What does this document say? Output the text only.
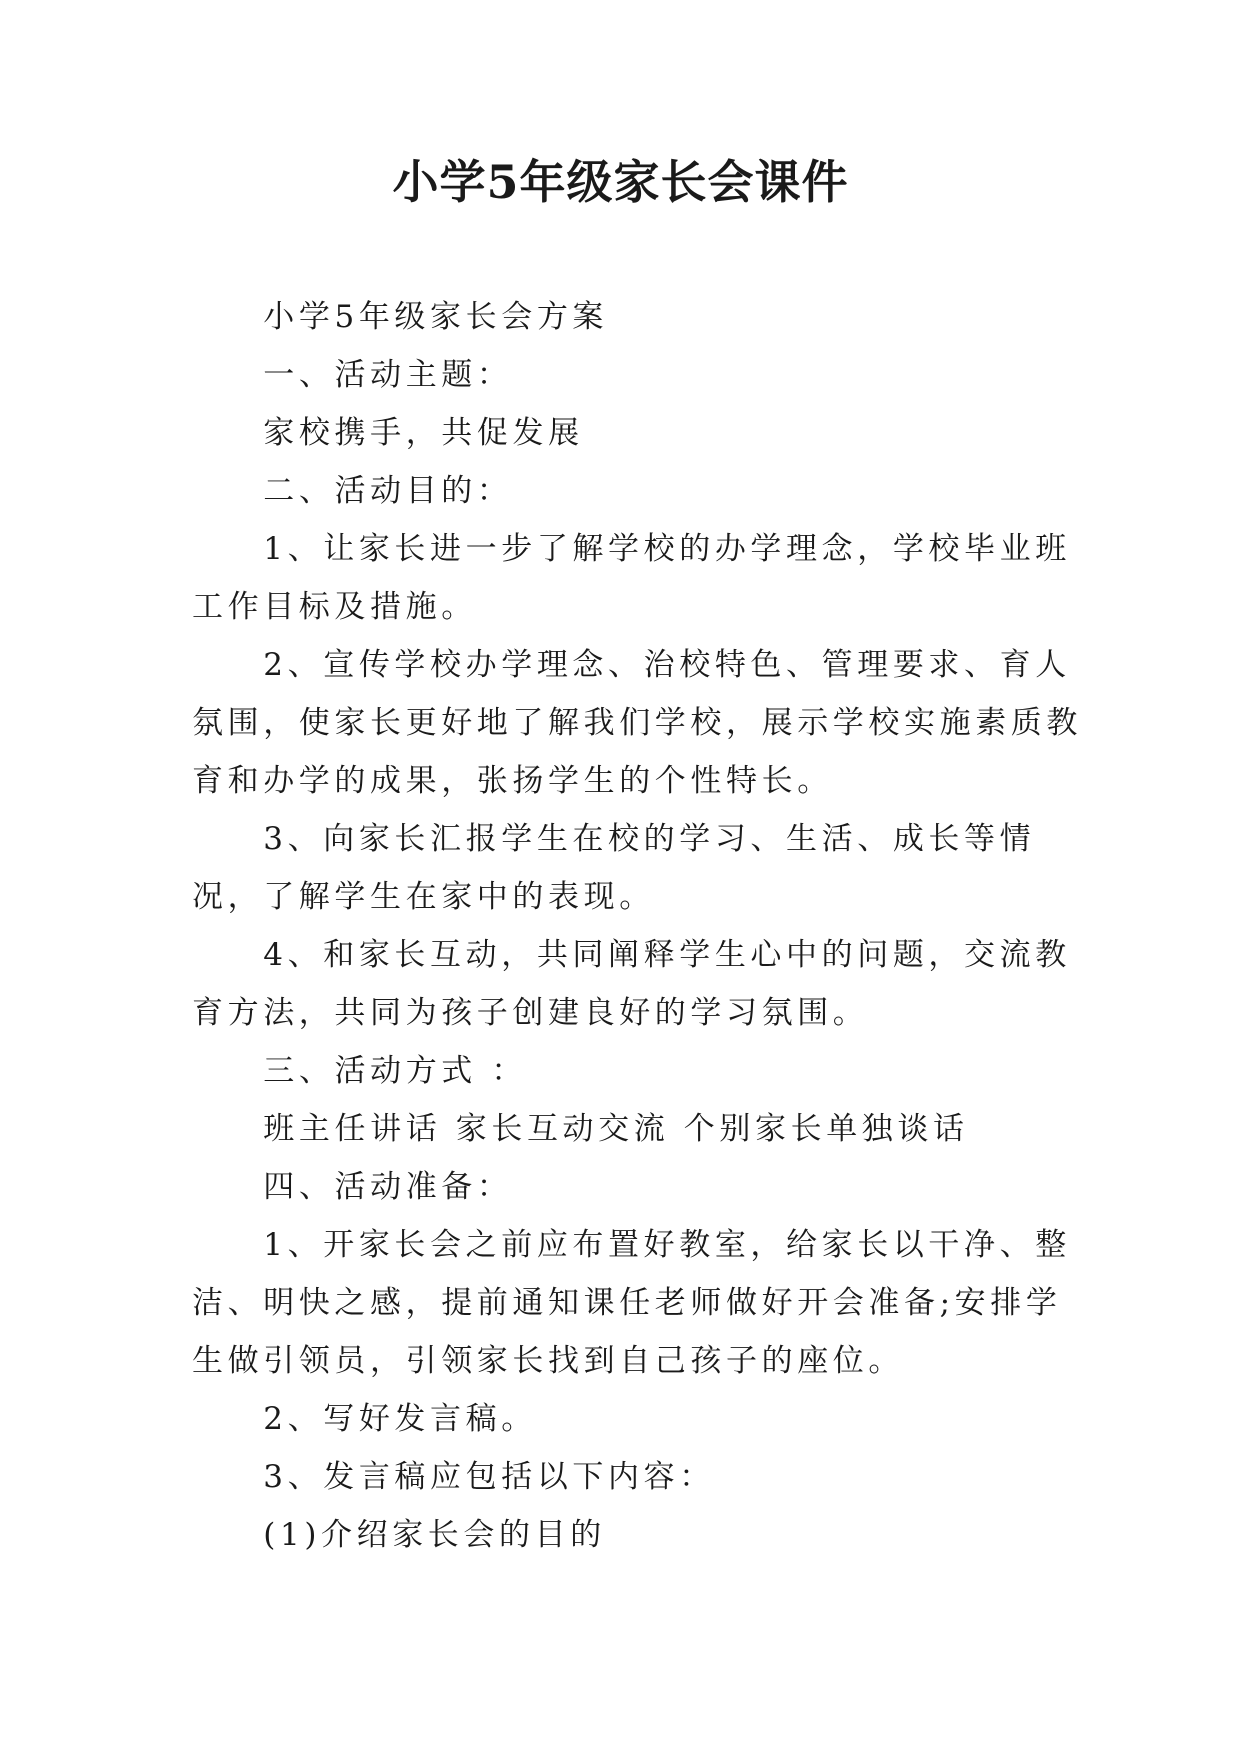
小学5年级家长会课件

小学5年级家长会方案

一、活动主题：

家校携手，共促发展

二、活动目的：

1、让家长进一步了解学校的办学理念，学校毕业班工作目标及措施。

2、宣传学校办学理念、治校特色、管理要求、育人氛围，使家长更好地了解我们学校，展示学校实施素质教育和办学的成果，张扬学生的个性特长。

3、向家长汇报学生在校的学习、生活、成长等情况，了解学生在家中的表现。

4、和家长互动，共同阐释学生心中的问题，交流教育方法，共同为孩子创建良好的学习氛围。

三、活动方式 ：

班主任讲话 家长互动交流 个别家长单独谈话

四、活动准备：

1、开家长会之前应布置好教室，给家长以干净、整洁、明快之感，提前通知课任老师做好开会准备;安排学生做引领员，引领家长找到自己孩子的座位。

2、写好发言稿。

3、发言稿应包括以下内容：

(1)介绍家长会的目的
